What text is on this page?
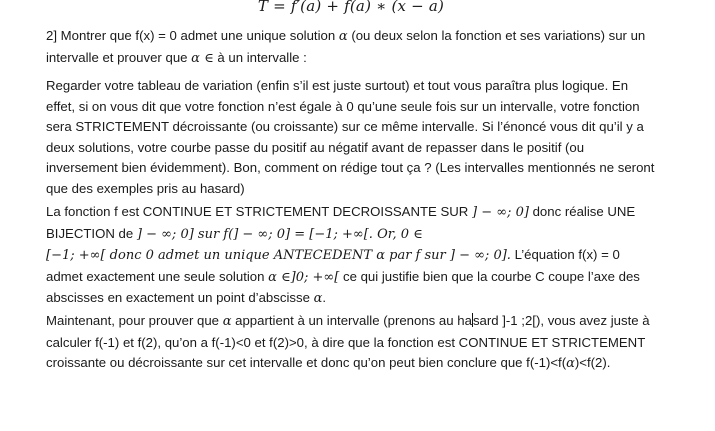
T = f′(a) + f(a) ∗ (x − a)

2] Montrer que f(x) = 0 admet une unique solution α (ou deux selon la fonction et ses variations) sur un intervalle et prouver que α ∈ à un intervalle :

Regarder votre tableau de variation (enfin s’il est juste surtout) et tout vous paraîtra plus logique. En effet, si on vous dit que votre fonction n’est égale à 0 qu’une seule fois sur un intervalle, votre fonction sera STRICTEMENT décroissante (ou croissante) sur ce même intervalle. Si l’énoncé vous dit qu’il y a deux solutions, votre courbe passe du positif au négatif avant de repasser dans le positif (ou inversement bien évidemment). Bon, comment on rédige tout ça ? (Les intervalles mentionnés ne seront que des exemples pris au hasard)

La fonction f est CONTINUE ET STRICTEMENT DECROISSANTE SUR ] − ∞; 0] donc réalise UNE BIJECTION de ] − ∞; 0] sur f(] − ∞; 0] = [−1; +∞[. Or, 0 ∈
[−1; +∞[ donc 0 admet un unique ANTECEDENT α par f sur ] − ∞; 0]. L’équation f(x) = 0 admet exactement une seule solution α ∈]0; +∞[ ce qui justifie bien que la courbe C coupe l’axe des abscisses en exactement un point d’abscisse α.

Maintenant, pour prouver que α appartient à un intervalle (prenons au hasard ]-1 ;2[), vous avez juste à calculer f(-1) et f(2), qu’on a f(-1)<0 et f(2)>0, à dire que la fonction est CONTINUE ET STRICTEMENT croissante ou décroissante sur cet intervalle et donc qu’on peut bien conclure que f(-1)<f(α)<f(2).
